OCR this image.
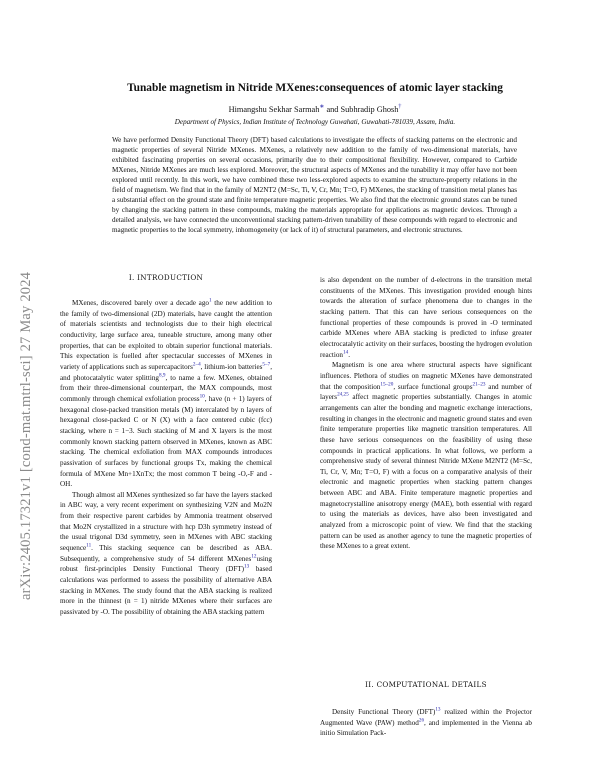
arXiv:2405.17321v1 [cond-mat.mtrl-sci] 27 May 2024
Tunable magnetism in Nitride MXenes:consequences of atomic layer stacking
Himangshu Sekhar Sarmah∗ and Subhradip Ghosh†
Department of Physics, Indian Institute of Technology Guwahati, Guwahati-781039, Assam, India.

We have performed Density Functional Theory (DFT) based calculations to investigate the effects of stacking patterns on the electronic and magnetic properties of several Nitride MXenes. MXenes, a relatively new addition to the family of two-dimensional materials, have exhibited fascinating properties on several occasions, primarily due to their compositional flexibility. However, compared to Carbide MXenes, Nitride MXenes are much less explored. Moreover, the structural aspects of MXenes and the tunability it may offer have not been explored until recently. In this work, we have combined these two less-explored aspects to examine the structure-property relations in the field of magnetism. We find that in the family of M2NT2 (M=Sc, Ti, V, Cr, Mn; T=O, F) MXenes, the stacking of transition metal planes has a substantial effect on the ground state and finite temperature magnetic properties. We also find that the electronic ground states can be tuned by changing the stacking pattern in these compounds, making the materials appropriate for applications as magnetic devices. Through a detailed analysis, we have connected the unconventional stacking pattern-driven tunability of these compounds with regard to electronic and magnetic properties to the local symmetry, inhomogeneity (or lack of it) of structural parameters, and electronic structures.

I. INTRODUCTION

MXenes, discovered barely over a decade ago$^1$ the new addition to the family of two-dimensional (2D) materials, have caught the attention of materials scientists and technologists due to their high electrical conductivity, large surface area, tuneable structure, among many other properties, that can be exploited to obtain superior functional materials. This expectation is fuelled after spectacular successes of MXenes in variety of applications such as supercapacitors$^{2-4}$, lithium-ion batteries$^{5-7}$, and photocatalytic water splitting$^{8,9}$, to name a few. MXenes, obtained from their three-dimensional counterpart, the MAX compounds, most commonly through chemical exfoliation process$^{10}$, have (n + 1) layers of hexagonal close-packed transition metals (M) intercalated by n layers of hexagonal close-packed C or N (X) with a face centered cubic (fcc) stacking, where n = 1−3. Such stacking of M and X layers is the most commonly known stacking pattern observed in MXenes, known as ABC stacking. The chemical exfoliation from MAX compounds introduces passivation of surfaces by functional groups Tx, making the chemical formula of MXene Mn+1XnTx; the most common T being -O,-F and -OH.

Though almost all MXenes synthesized so far have the layers stacked in ABC way, a very recent experiment on synthesizing V2N and Mo2N from their respective parent carbides by Ammonia treatment observed that Mo2N crystallized in a structure with hcp D3h symmetry instead of the usual trigonal D3d symmetry, seen in MXenes with ABC stacking sequence$^{11}$. This stacking sequence can be described as ABA. Subsequently, a comprehensive study of 54 different MXenes$^{12}$using robust first-principles Density Functional Theory (DFT)$^{13}$ based calculations was performed to assess the possibility of alternative ABA stacking in MXenes. The study found that the ABA stacking is realized more in the thinnest (n = 1) nitride MXenes where their surfaces are passivated by -O. The possibility of obtaining the ABA stacking pattern

is also dependent on the number of d-electrons in the transition metal constituents of the MXenes. This investigation provided enough hints towards the alteration of surface phenomena due to changes in the stacking pattern. That this can have serious consequences on the functional properties of these compounds is proved in -O terminated carbide MXenes where ABA stacking is predicted to infuse greater electrocatalytic activity on their surfaces, boosting the hydrogen evolution reaction$^{14}$.

Magnetism is one area where structural aspects have significant influences. Plethora of studies on magnetic MXenes have demonstrated that the composition$^{15-20}$, surface functional groups$^{21-23}$ and number of layers$^{24,25}$ affect magnetic properties substantially. Changes in atomic arrangements can alter the bonding and magnetic exchange interactions, resulting in changes in the electronic and magnetic ground states and even finite temperature properties like magnetic transition temperatures. All these have serious consequences on the feasibility of using these compounds in practical applications. In what follows, we perform a comprehensive study of several thinnest Nitride MXene M2NT2 (M=Sc, Ti, Cr, V, Mn; T=O, F) with a focus on a comparative analysis of their electronic and magnetic properties when stacking pattern changes between ABC and ABA. Finite temperature magnetic properties and magnetocrystalline anisotropy energy (MAE), both essential with regard to using the materials as devices, have also been investigated and analyzed from a microscopic point of view. We find that the stacking pattern can be used as another agency to tune the magnetic properties of these MXenes to a great extent.

II. COMPUTATIONAL DETAILS

Density Functional Theory (DFT)$^{13}$ realized within the Projector Augmented Wave (PAW) method$^{26}$, and implemented in the Vienna ab initio Simulation Pack-
